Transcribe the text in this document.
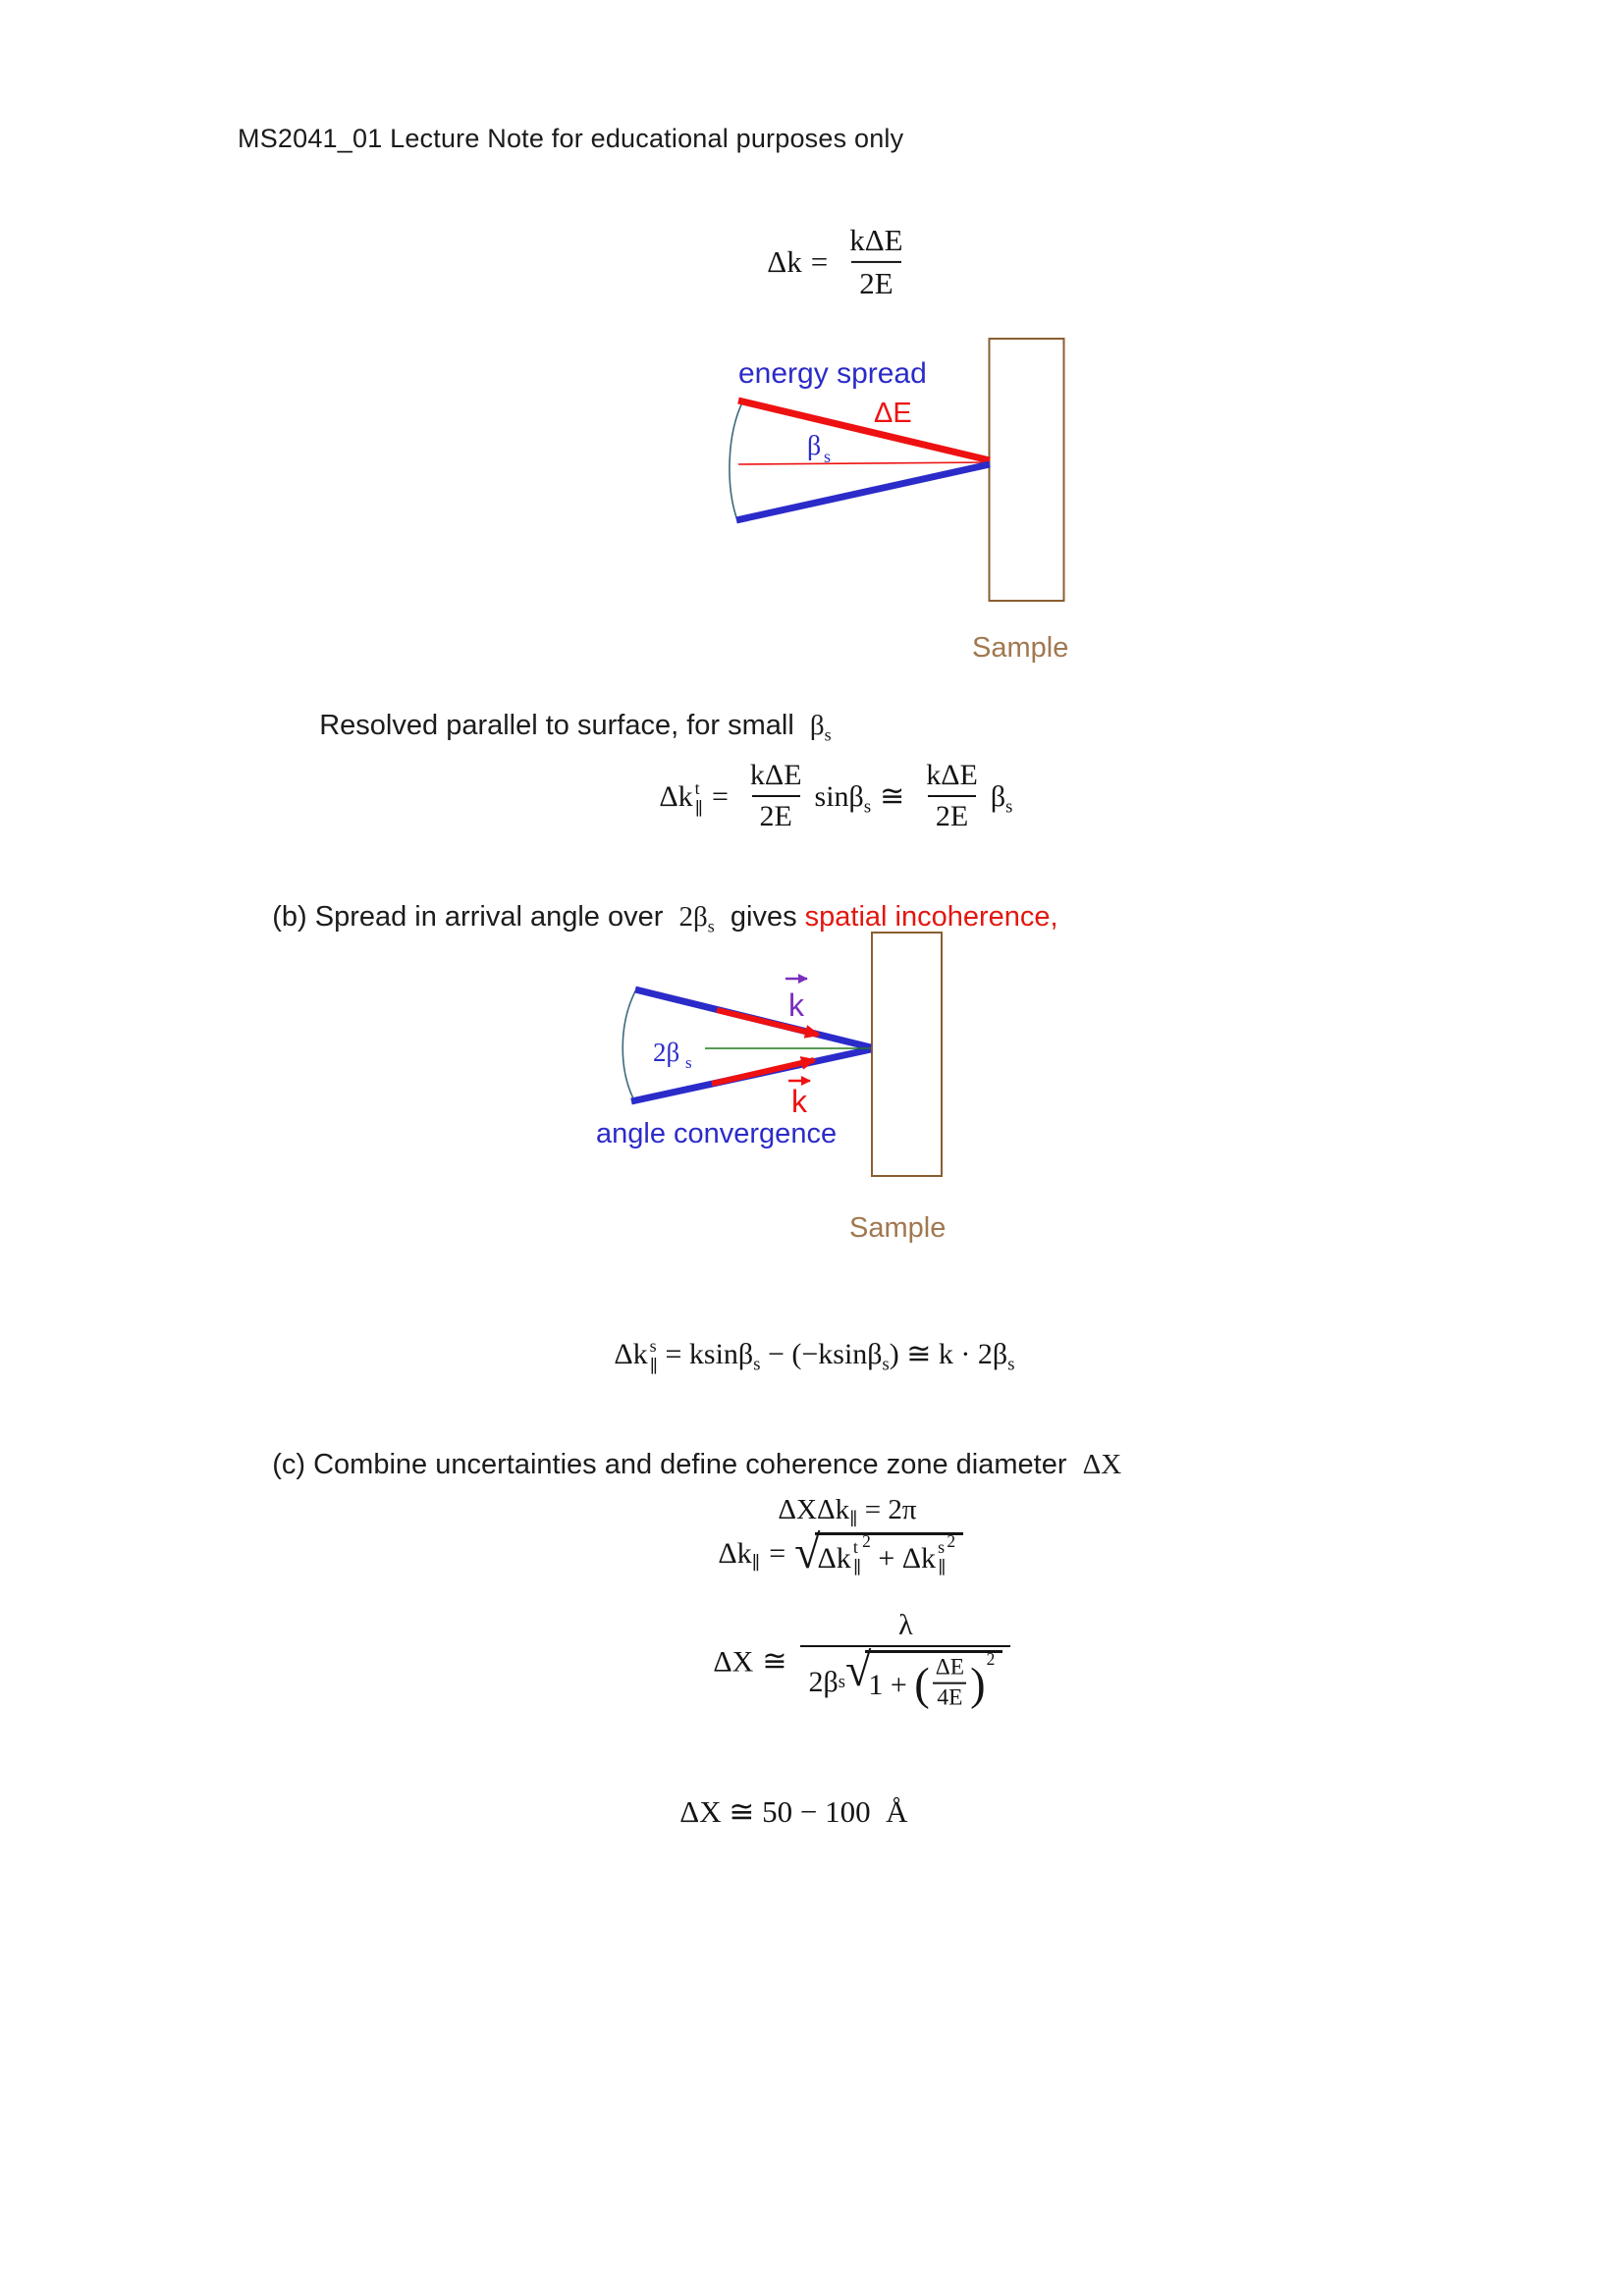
MS2041_01 Lecture Note for educational purposes only

$\Delta k = \frac{\text{kΔE}}{2E}$

energy spread
ΔE
β s
Sample

Resolved parallel to surface, for small  $\beta_s$

Δk t
∥ = $\frac{\text{kΔE}}{2E} \sin\beta_s$ ≅ $\frac{\text{kΔE}}{2E} \beta_s$

(b) Spread in arrival angle over  $2\beta_s$  gives spatial incoherence,

k
k
2β s
angle convergence
Sample

Δk s
∥ = ksinβ$_s$ − (−ksinβ$_s$) ≅ $k \cdot 2\beta_s$

(c) Combine uncertainties and define coherence zone diameter  ΔX

ΔXΔk$_\parallel$ = 2π

$\Delta k_\parallel$ = √
Δk t
∥
2
+ Δk s
∥
2

ΔX ≅
λ
2β s √
1 + ( $\frac{\Delta E}{4E}$ )
2

ΔX ≅ 50 − 100  Å
